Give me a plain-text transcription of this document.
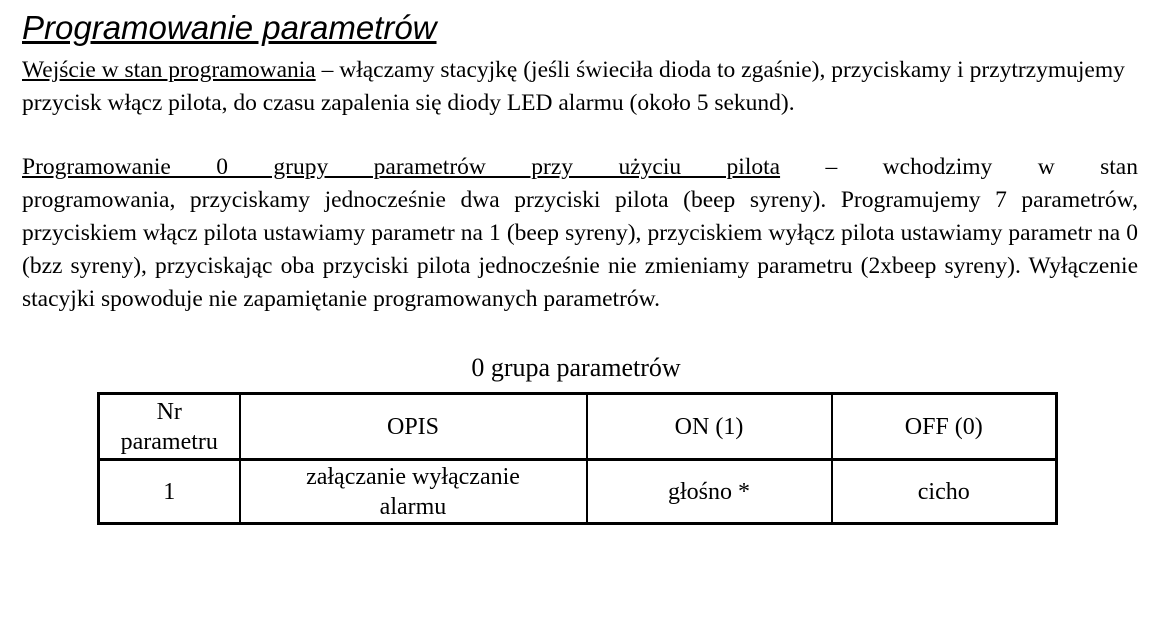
Programowanie parametrów

Wejście w stan programowania – włączamy stacyjkę (jeśli świeciła dioda to zgaśnie), przyciskamy i przytrzymujemy przycisk włącz pilota, do czasu zapalenia się diody LED alarmu (około 5 sekund).

Programowanie 0 grupy parametrów przy użyciu pilota – wchodzimy w stan

programowania, przyciskamy jednocześnie dwa przyciski pilota (beep syreny). Programujemy 7 parametrów, przyciskiem włącz pilota ustawiamy parametr na 1 (beep syreny), przyciskiem wyłącz pilota ustawiamy parametr na 0 (bzz syreny), przyciskając oba przyciski pilota jednocześnie nie zmieniamy parametru (2xbeep syreny). Wyłączenie stacyjki spowoduje nie zapamiętanie programowanych parametrów.

0 grupa parametrów
Nr parametru	OPIS	ON (1)	OFF (0)
1	załączanie wyłączanie alarmu	głośno *	cicho
